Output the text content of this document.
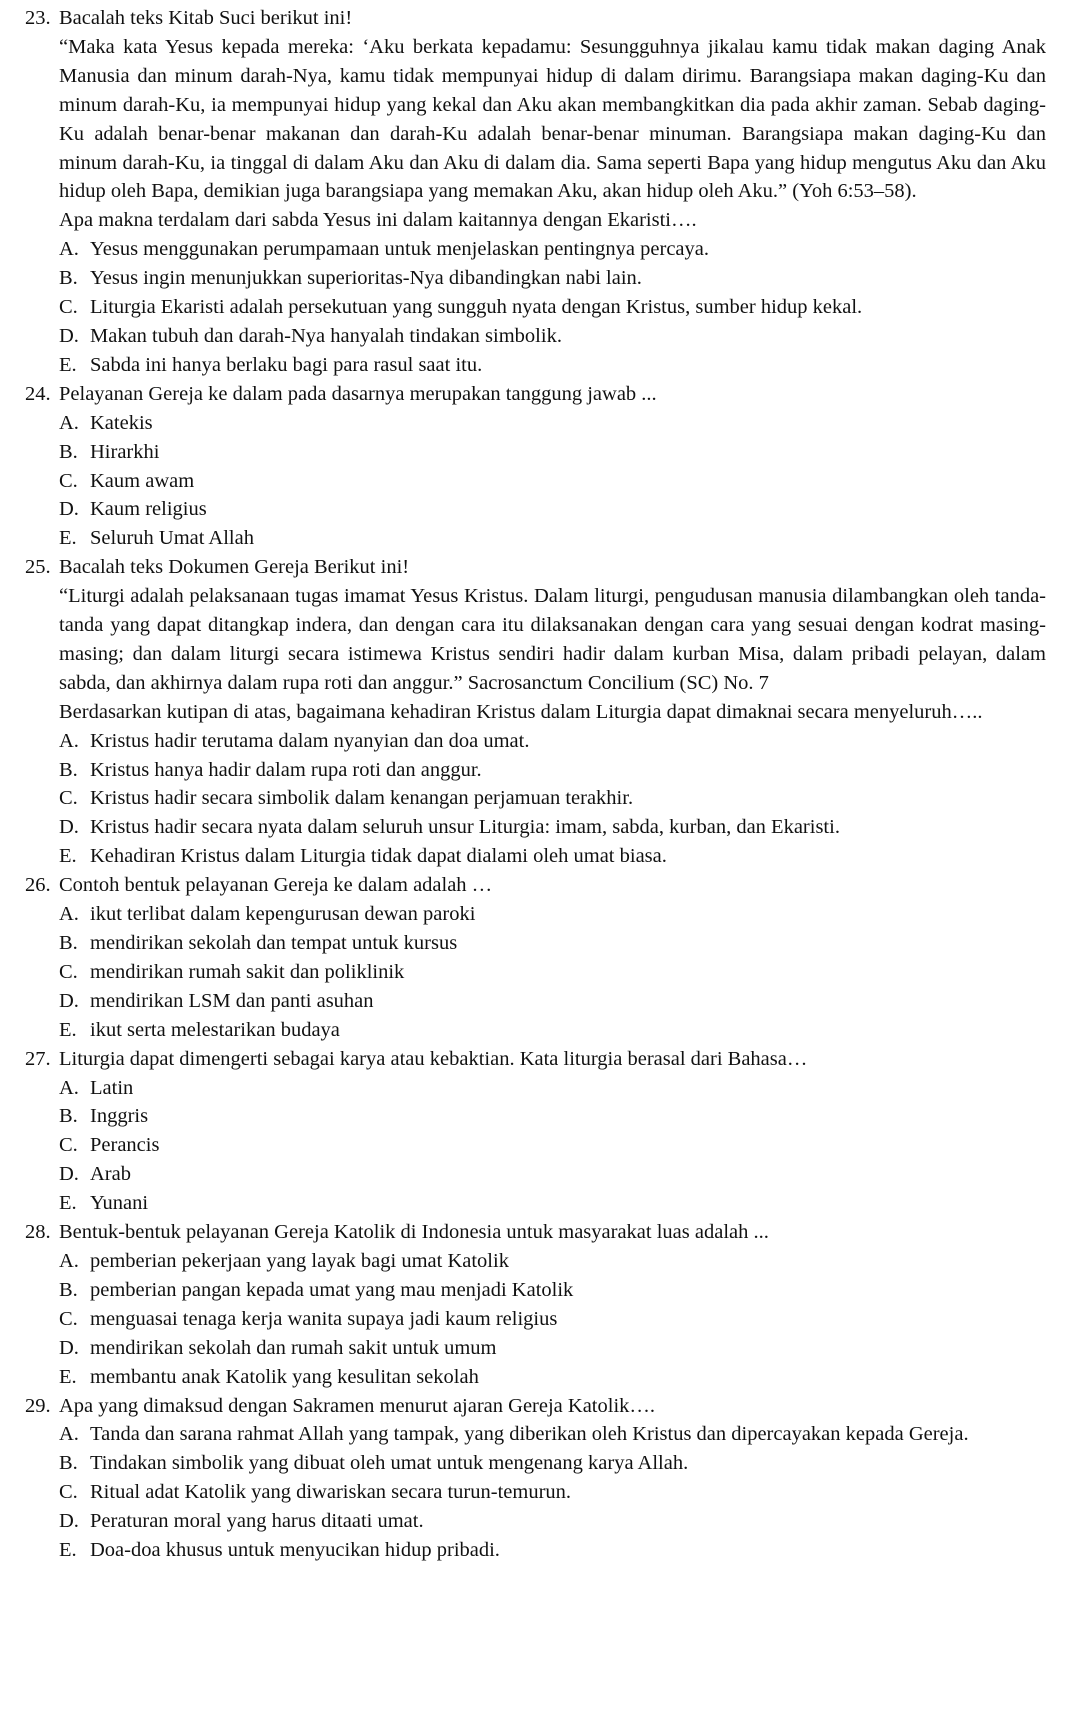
23. Bacalah teks Kitab Suci berikut ini!
“Maka kata Yesus kepada mereka: ‘Aku berkata kepadamu: Sesungguhnya jikalau kamu tidak makan daging Anak Manusia dan minum darah-Nya, kamu tidak mempunyai hidup di dalam dirimu. Barangsiapa makan daging-Ku dan minum darah-Ku, ia mempunyai hidup yang kekal dan Aku akan membangkitkan dia pada akhir zaman. Sebab daging-Ku adalah benar-benar makanan dan darah-Ku adalah benar-benar minuman. Barangsiapa makan daging-Ku dan minum darah-Ku, ia tinggal di dalam Aku dan Aku di dalam dia. Sama seperti Bapa yang hidup mengutus Aku dan Aku hidup oleh Bapa, demikian juga barangsiapa yang memakan Aku, akan hidup oleh Aku.” (Yoh 6:53–58).
Apa makna terdalam dari sabda Yesus ini dalam kaitannya dengan Ekaristi….
A. Yesus menggunakan perumpamaan untuk menjelaskan pentingnya percaya.
B. Yesus ingin menunjukkan superioritas-Nya dibandingkan nabi lain.
C. Liturgia Ekaristi adalah persekutuan yang sungguh nyata dengan Kristus, sumber hidup kekal.
D. Makan tubuh dan darah-Nya hanyalah tindakan simbolik.
E. Sabda ini hanya berlaku bagi para rasul saat itu.
24. Pelayanan Gereja ke dalam pada dasarnya merupakan tanggung jawab ...
A. Katekis
B. Hirarkhi
C. Kaum awam
D. Kaum religius
E. Seluruh Umat Allah
25. Bacalah teks Dokumen Gereja Berikut ini!
“Liturgi adalah pelaksanaan tugas imamat Yesus Kristus. Dalam liturgi, pengudusan manusia dilambangkan oleh tanda-tanda yang dapat ditangkap indera, dan dengan cara itu dilaksanakan dengan cara yang sesuai dengan kodrat masing-masing; dan dalam liturgi secara istimewa Kristus sendiri hadir dalam kurban Misa, dalam pribadi pelayan, dalam sabda, dan akhirnya dalam rupa roti dan anggur.” Sacrosanctum Concilium (SC) No. 7
Berdasarkan kutipan di atas, bagaimana kehadiran Kristus dalam Liturgia dapat dimaknai secara menyeluruh…..
A. Kristus hadir terutama dalam nyanyian dan doa umat.
B. Kristus hanya hadir dalam rupa roti dan anggur.
C. Kristus hadir secara simbolik dalam kenangan perjamuan terakhir.
D. Kristus hadir secara nyata dalam seluruh unsur Liturgia: imam, sabda, kurban, dan Ekaristi.
E. Kehadiran Kristus dalam Liturgia tidak dapat dialami oleh umat biasa.
26. Contoh bentuk pelayanan Gereja ke dalam adalah …
A. ikut terlibat dalam kepengurusan dewan paroki
B. mendirikan sekolah dan tempat untuk kursus
C. mendirikan rumah sakit dan poliklinik
D. mendirikan LSM dan panti asuhan
E. ikut serta melestarikan budaya
27. Liturgia dapat dimengerti sebagai karya atau kebaktian. Kata liturgia berasal dari Bahasa…
A. Latin
B. Inggris
C. Perancis
D. Arab
E. Yunani
28. Bentuk-bentuk pelayanan Gereja Katolik di Indonesia untuk masyarakat luas adalah ...
A. pemberian pekerjaan yang layak bagi umat Katolik
B. pemberian pangan kepada umat yang mau menjadi Katolik
C. menguasai tenaga kerja wanita supaya jadi kaum religius
D. mendirikan sekolah dan rumah sakit untuk umum
E. membantu anak Katolik yang kesulitan sekolah
29. Apa yang dimaksud dengan Sakramen menurut ajaran Gereja Katolik….
A. Tanda dan sarana rahmat Allah yang tampak, yang diberikan oleh Kristus dan dipercayakan kepada Gereja.
B. Tindakan simbolik yang dibuat oleh umat untuk mengenang karya Allah.
C. Ritual adat Katolik yang diwariskan secara turun-temurun.
D. Peraturan moral yang harus ditaati umat.
E. Doa-doa khusus untuk menyucikan hidup pribadi.
